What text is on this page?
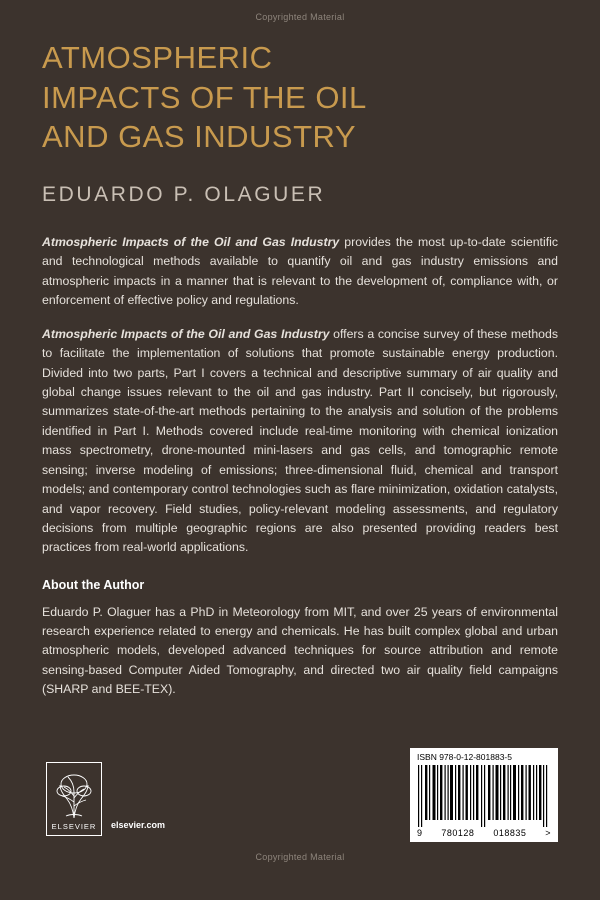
Copyrighted Material
ATMOSPHERIC
IMPACTS OF THE OIL
AND GAS INDUSTRY
EDUARDO P. OLAGUER

Atmospheric Impacts of the Oil and Gas Industry provides the most up-to-date scientific and technological methods available to quantify oil and gas industry emissions and atmospheric impacts in a manner that is relevant to the development of, compliance with, or enforcement of effective policy and regulations.

Atmospheric Impacts of the Oil and Gas Industry offers a concise survey of these methods to facilitate the implementation of solutions that promote sustainable energy production. Divided into two parts, Part I covers a technical and descriptive summary of air quality and global change issues relevant to the oil and gas industry. Part II concisely, but rigorously, summarizes state-of-the-art methods pertaining to the analysis and solution of the problems identified in Part I. Methods covered include real-time monitoring with chemical ionization mass spectrometry, drone-mounted mini-lasers and gas cells, and tomographic remote sensing; inverse modeling of emissions; three-dimensional fluid, chemical and transport models; and contemporary control technologies such as flare minimization, oxidation catalysts, and vapor recovery. Field studies, policy-relevant modeling assessments, and regulatory decisions from multiple geographic regions are also presented providing readers best practices from real-world applications.

About the Author

Eduardo P. Olaguer has a PhD in Meteorology from MIT, and over 25 years of environmental research experience related to energy and chemicals. He has built complex global and urban atmospheric models, developed advanced techniques for source attribution and remote sensing-based Computer Aided Tomography, and directed two air quality field campaigns (SHARP and BEE-TEX).

ELSEVIER elsevier.com
ISBN 978-0-12-801883-5
9 780128 018835 >
Copyrighted Material
